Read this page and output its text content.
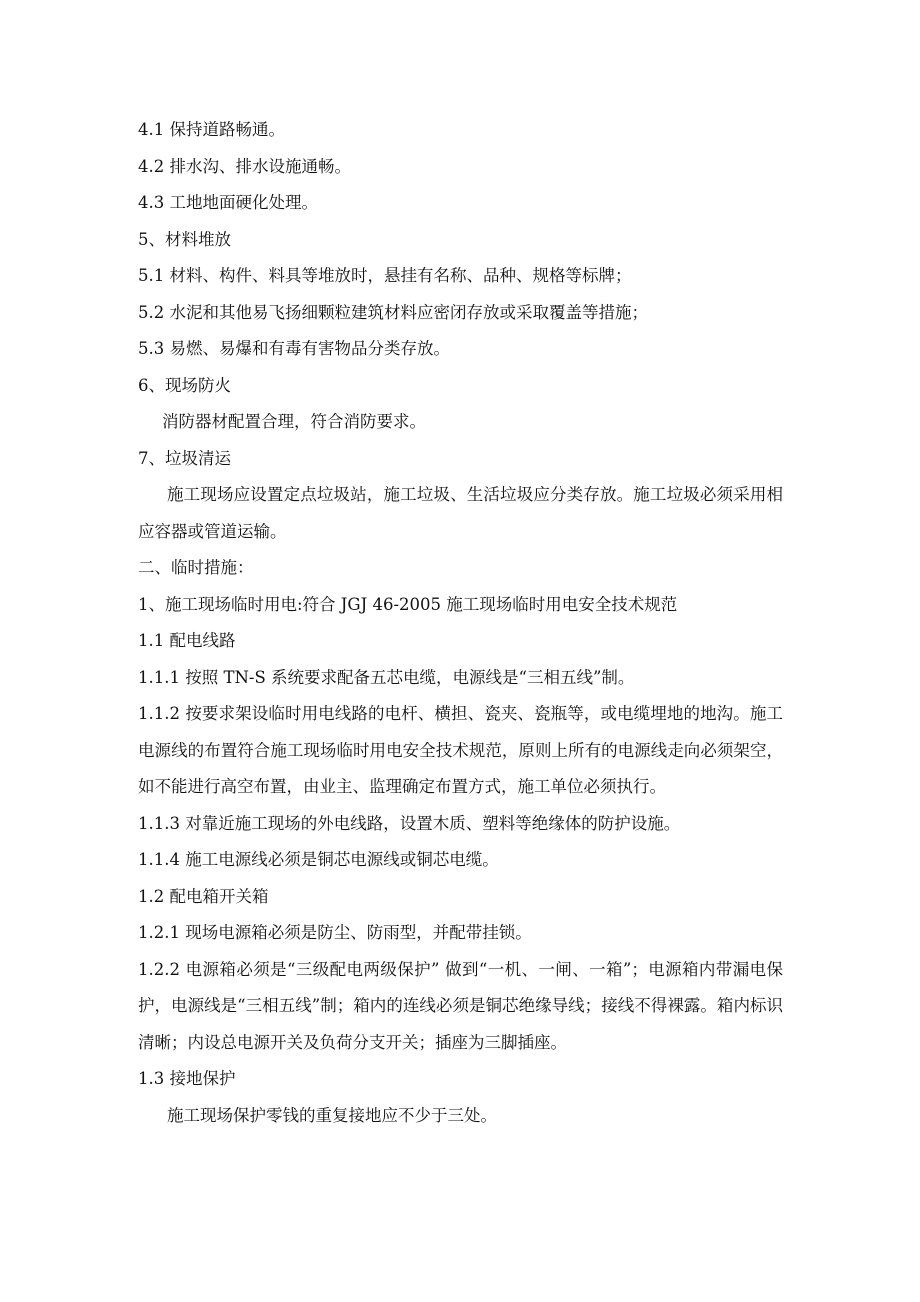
4.1 保持道路畅通。
4.2 排水沟、排水设施通畅。
4.3 工地地面硬化处理。
5、材料堆放
5.1 材料、构件、料具等堆放时，悬挂有名称、品种、规格等标牌；
5.2 水泥和其他易飞扬细颗粒建筑材料应密闭存放或采取覆盖等措施；
5.3 易燃、易爆和有毒有害物品分类存放。
6、现场防火
消防器材配置合理，符合消防要求。
7、垃圾清运

施工现场应设置定点垃圾站，施工垃圾、生活垃圾应分类存放。施工垃圾必须采用相应容器或管道运输。

二、临时措施：
1、施工现场临时用电:符合 JGJ 46-2005 施工现场临时用电安全技术规范
1.1 配电线路
1.1.1 按照 TN-S 系统要求配备五芯电缆，电源线是“三相五线”制。

1.1.2 按要求架设临时用电线路的电杆、横担、瓷夹、瓷瓶等，或电缆埋地的地沟。施工电源线的布置符合施工现场临时用电安全技术规范，原则上所有的电源线走向必须架空，如不能进行高空布置，由业主、监理确定布置方式，施工单位必须执行。

1.1.3 对靠近施工现场的外电线路，设置木质、塑料等绝缘体的防护设施。
1.1.4 施工电源线必须是铜芯电源线或铜芯电缆。
1.2 配电箱开关箱
1.2.1 现场电源箱必须是防尘、防雨型，并配带挂锁。

1.2.2 电源箱必须是“三级配电两级保护” 做到“一机、一闸、一箱”；电源箱内带漏电保护，电源线是“三相五线”制；箱内的连线必须是铜芯绝缘导线；接线不得裸露。箱内标识清晰；内设总电源开关及负荷分支开关；插座为三脚插座。

1.3 接地保护

施工现场保护零钱的重复接地应不少于三处。
